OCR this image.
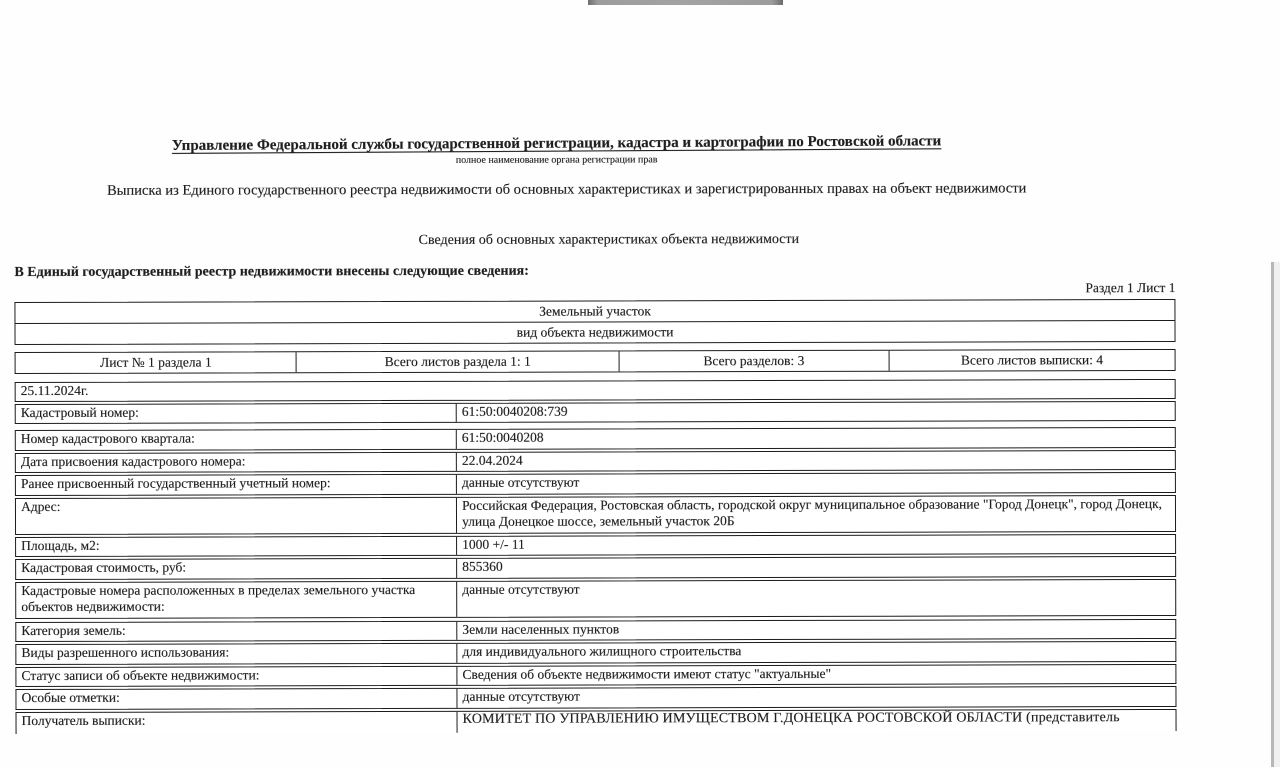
Управление Федеральной службы государственной регистрации, кадастра и картографии по Ростовской области
полное наименование органа регистрации прав
Выписка из Единого государственного реестра недвижимости об основных характеристиках и зарегистрированных правах на объект недвижимости
Сведения об основных характеристиках объекта недвижимости
В Единый государственный реестр недвижимости внесены следующие сведения:
Раздел 1 Лист 1
Земельный участок
вид объекта недвижимости
Лист № 1 раздела 1	Всего листов раздела 1: 1	Всего разделов: 3	Всего листов выписки: 4
25.11.2024г.
Кадастровый номер:	61:50:0040208:739
Номер кадастрового квартала:	61:50:0040208
Дата присвоения кадастрового номера:	22.04.2024
Ранее присвоенный государственный учетный номер:	данные отсутствуют
Адрес:	Российская Федерация, Ростовская область, городской округ муниципальное образование "Город Донецк", город Донецк, улица Донецкое шоссе, земельный участок 20Б
Площадь, м2:	1000 +/- 11
Кадастровая стоимость, руб:	855360
Кадастровые номера расположенных в пределах земельного участка объектов недвижимости:
данные отсутствуют
Категория земель:	Земли населенных пунктов
Виды разрешенного использования:	для индивидуального жилищного строительства
Статус записи об объекте недвижимости:	Сведения об объекте недвижимости имеют статус "актуальные"
Особые отметки:	данные отсутствуют
Получатель выписки:	КОМИТЕТ ПО УПРАВЛЕНИЮ ИМУЩЕСТВОМ Г.ДОНЕЦКА РОСТОВСКОЙ ОБЛАСТИ (представитель
